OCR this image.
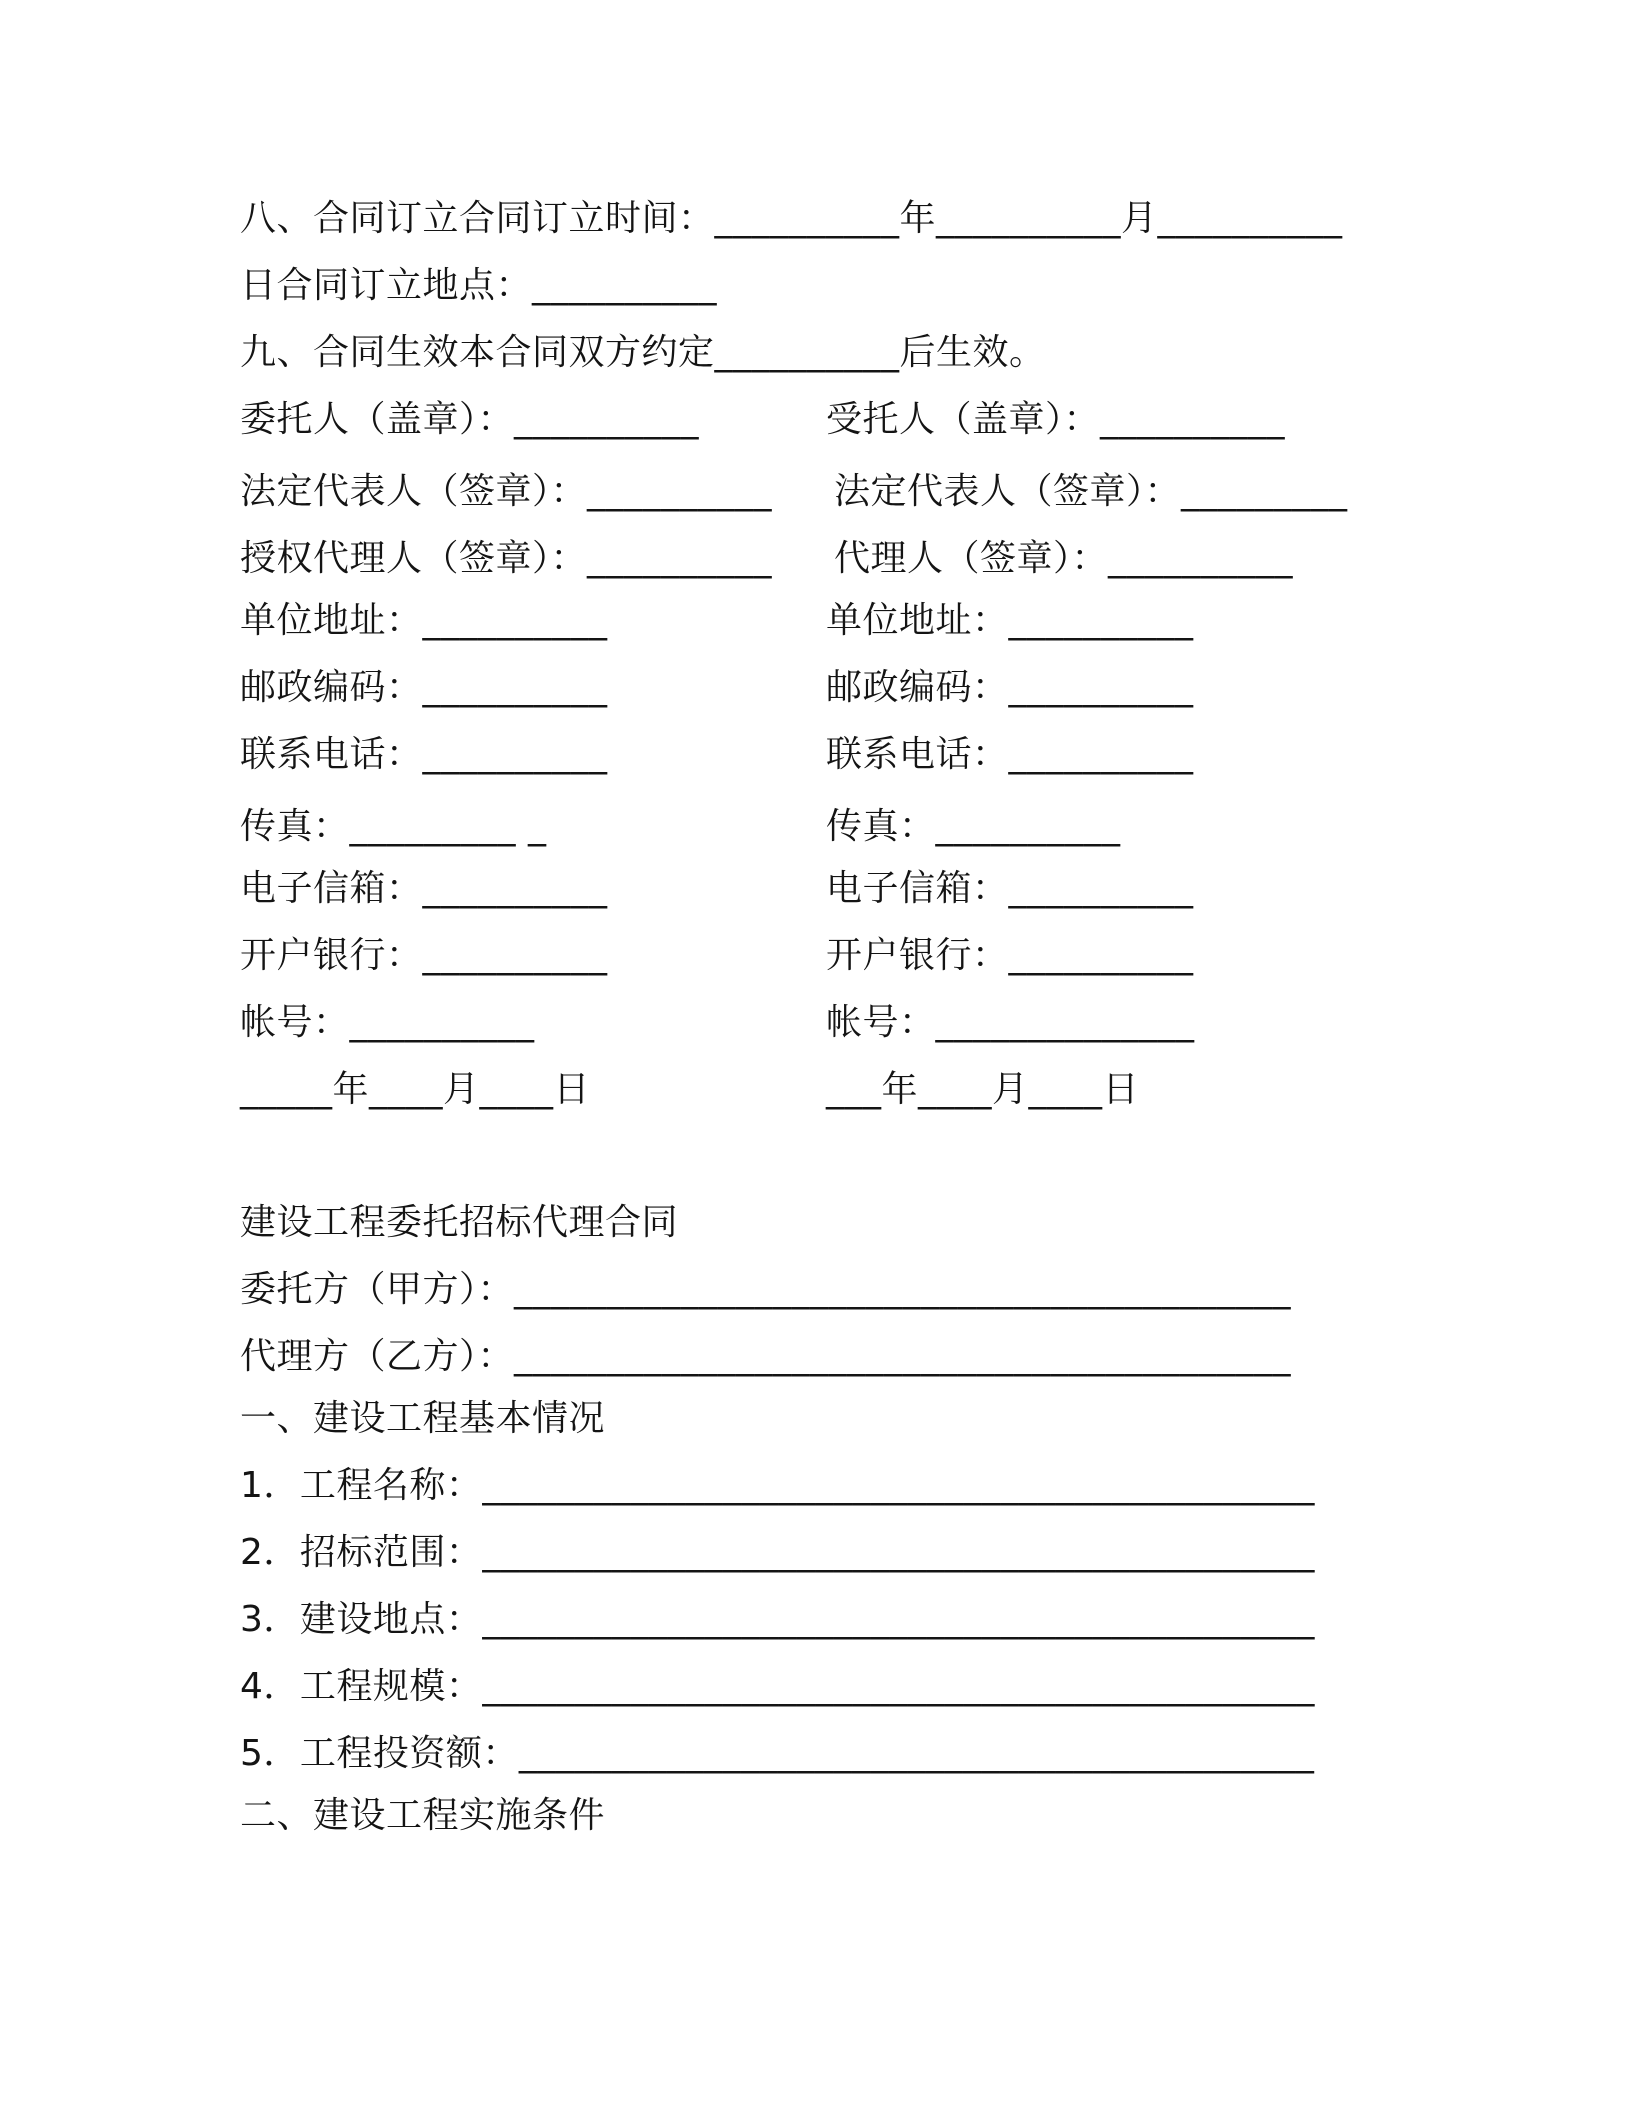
八、合同订立合同订立时间：__________年__________月__________
日合同订立地点：__________
九、合同生效本合同双方约定__________后生效。
委托人（盖章）：__________
法定代表人（签章）：__________
授权代理人（签章）：__________
单位地址：__________
邮政编码：__________
联系电话：__________
传真：_________ _
电子信箱：__________
开户银行：__________
帐号：__________
_____年____月____日
受托人（盖章）：__________
法定代表人（签章）：_________
代理人（签章）：__________
单位地址：__________
邮政编码：__________
联系电话：__________
传真：__________
电子信箱：__________
开户银行：__________
帐号：______________
___年____月____日
建设工程委托招标代理合同
委托方（甲方）：__________________________________________
代理方（乙方）：__________________________________________
一、建设工程基本情况
1．工程名称：_____________________________________________
2．招标范围：_____________________________________________
3．建设地点：_____________________________________________
4．工程规模：_____________________________________________
5．工程投资额：___________________________________________
二、建设工程实施条件
